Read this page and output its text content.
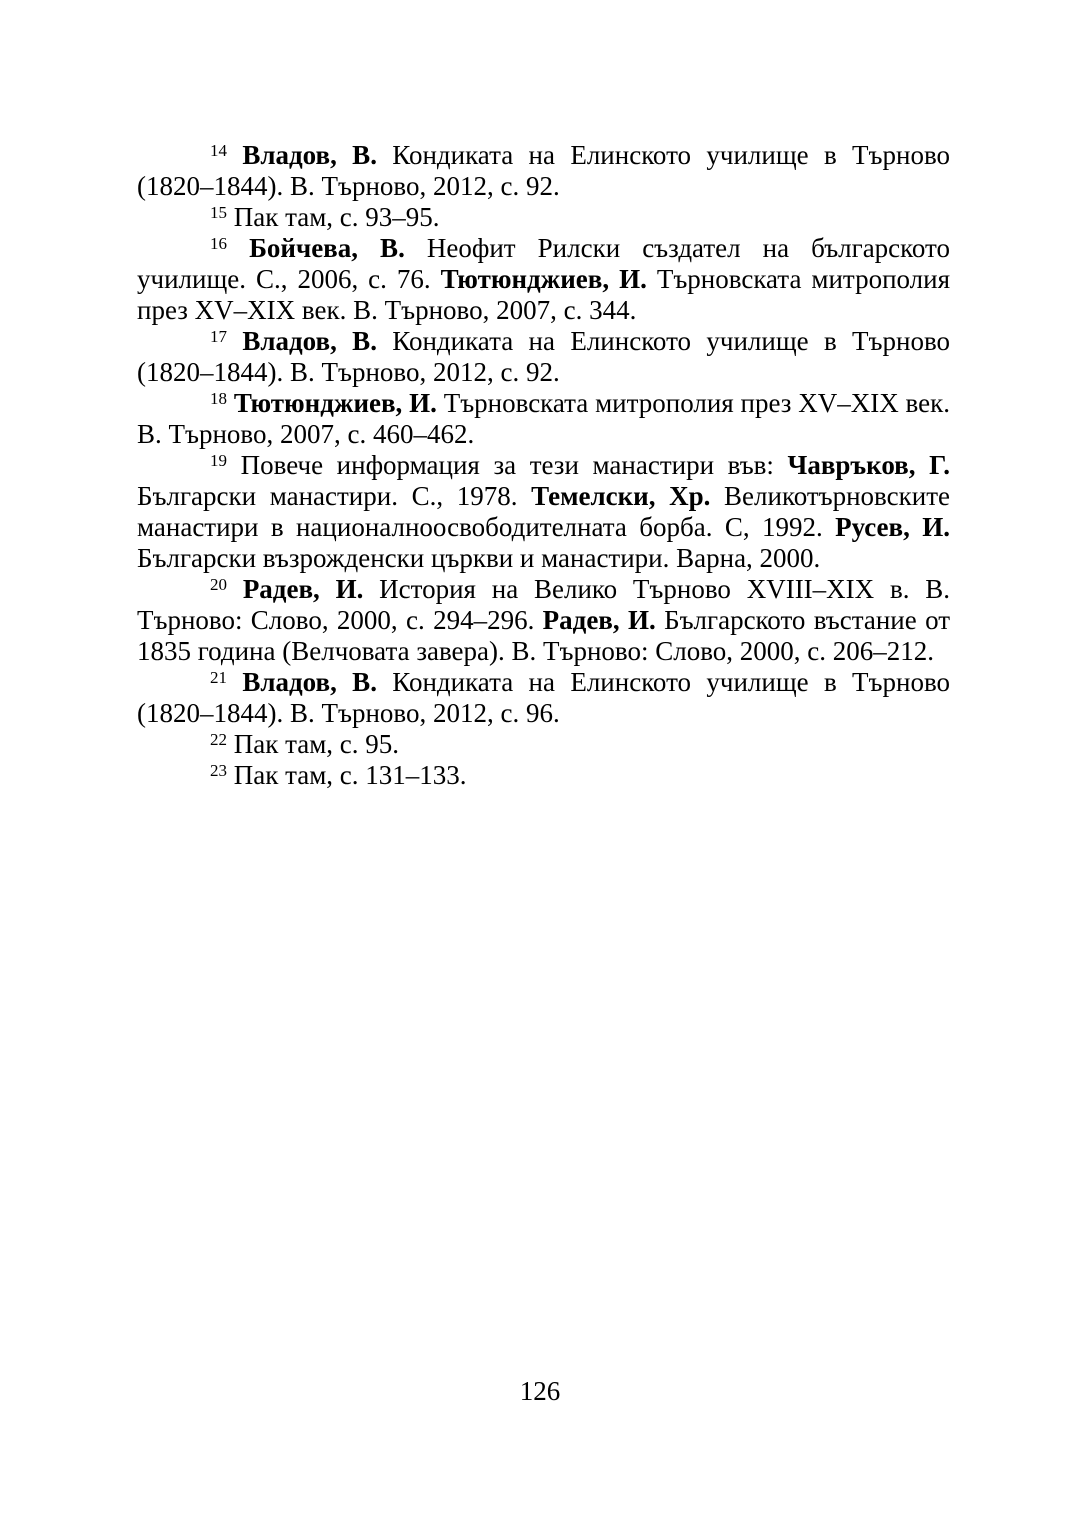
$^{14}$ Владов, В. Кондиката на Елинското училище в Търново (1820–1844). В. Търново, 2012, с. 92.

$^{15}$ Пак там, с. 93–95.

$^{16}$ Бойчева, В. Неофит Рилски създател на българското училище. С., 2006, с. 76. Тютюнджиев, И. Търновската митрополия през XV–XIX век. В. Търново, 2007, с. 344.

$^{17}$ Владов, В. Кондиката на Елинското училище в Търново (1820–1844). В. Търново, 2012, с. 92.

$^{18}$ Тютюнджиев, И. Търновската митрополия през XV–XIX век. В. Търново, 2007, с. 460–462.

$^{19}$ Повече информация за тези манастири във: Чавръков, Г. Български манастири. С., 1978. Темелски, Хр. Великотърновските манастири в националноосвободителната борба. С, 1992. Русев, И. Български възрожденски църкви и манастири. Варна, 2000.

$^{20}$ Радев, И. История на Велико Търново XVIII–XIX в. В. Търново: Слово, 2000, с. 294–296. Радев, И. Българското въстание от 1835 година (Велчовата завера). В. Търново: Слово, 2000, с. 206–212.

$^{21}$ Владов, В. Кондиката на Елинското училище в Търново (1820–1844). В. Търново, 2012, с. 96.

$^{22}$ Пак там, с. 95.

$^{23}$ Пак там, с. 131–133.

126
